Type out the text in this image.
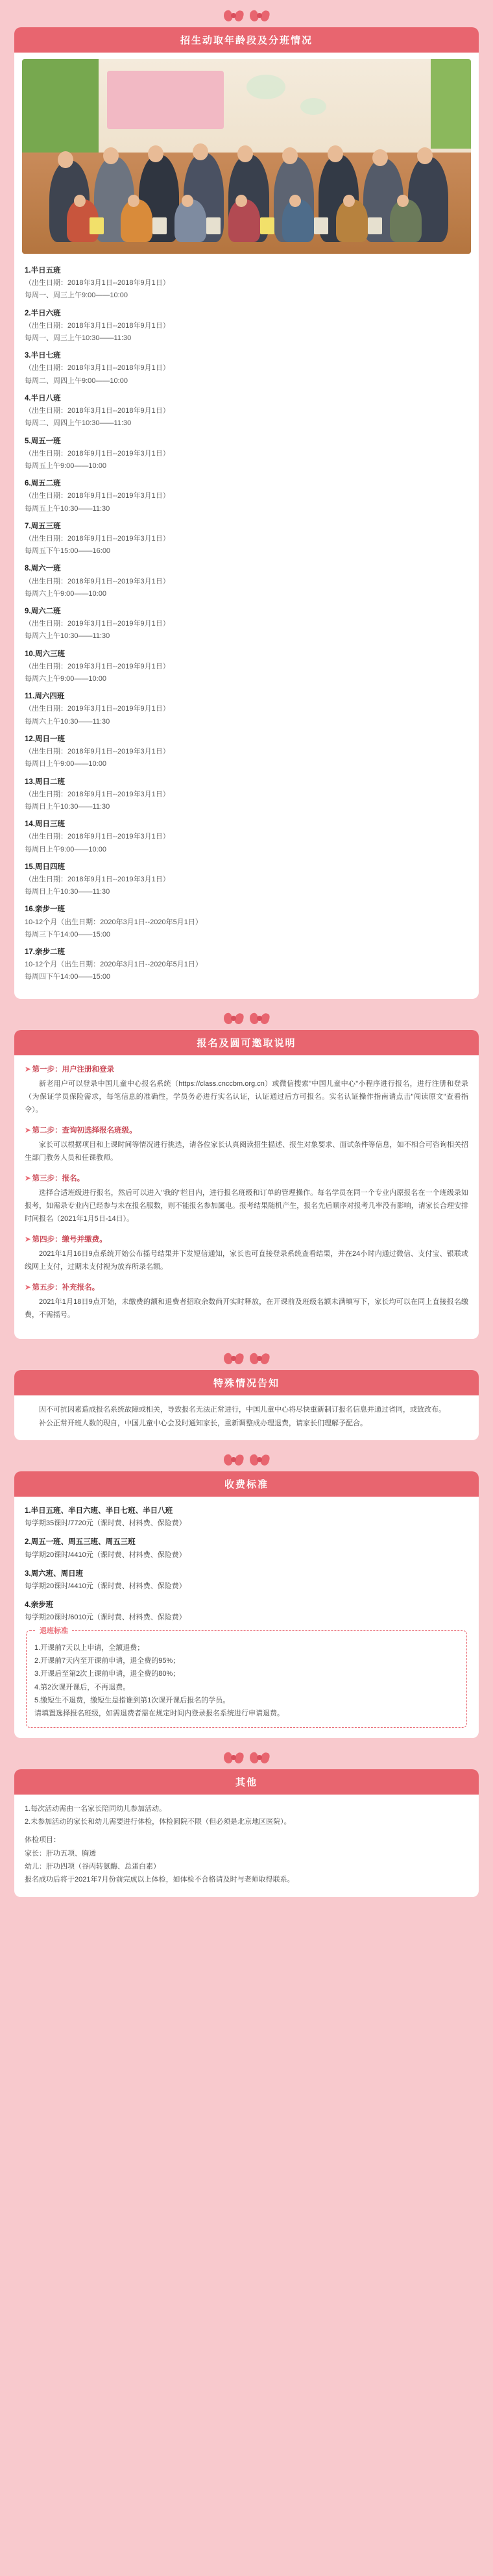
招生动取年龄段及分班情况
1.半日五班
（出生日期：2018年3月1日--2018年9月1日）
每周一、周三上午9:00——10:00
2.半日六班
（出生日期：2018年3月1日--2018年9月1日）
每周一、周三上午10:30——11:30
3.半日七班
（出生日期：2018年3月1日--2018年9月1日）
每周二、周四上午9:00——10:00
4.半日八班
（出生日期：2018年3月1日--2018年9月1日）
每周二、周四上午10:30——11:30
5.周五一班
（出生日期：2018年9月1日--2019年3月1日）
每周五上午9:00——10:00
6.周五二班
（出生日期：2018年9月1日--2019年3月1日）
每周五上午10:30——11:30
7.周五三班
（出生日期：2018年9月1日--2019年3月1日）
每周五下午15:00——16:00
8.周六一班
（出生日期：2018年9月1日--2019年3月1日）
每周六上午9:00——10:00
9.周六二班
（出生日期：2019年3月1日--2019年9月1日）
每周六上午10:30——11:30
10.周六三班
（出生日期：2019年3月1日--2019年9月1日）
每周六上午9:00——10:00
11.周六四班
（出生日期：2019年3月1日--2019年9月1日）
每周六上午10:30——11:30
12.周日一班
（出生日期：2018年9月1日--2019年3月1日）
每周日上午9:00——10:00
13.周日二班
（出生日期：2018年9月1日--2019年3月1日）
每周日上午10:30——11:30
14.周日三班
（出生日期：2018年9月1日--2019年3月1日）
每周日上午9:00——10:00
15.周日四班
（出生日期：2018年9月1日--2019年3月1日）
每周日上午10:30——11:30
16.亲步一班
10-12个月（出生日期：2020年3月1日--2020年5月1日）
每周三下午14:00——15:00
17.亲步二班
10-12个月（出生日期：2020年3月1日--2020年5月1日）
每周四下午14:00——15:00
报名及圆可邀取说明
➤ 第一步：用户注册和登录
新老用户可以登录中国儿童中心报名系统（https://class.cnccbm.org.cn）或微信搜索"中国儿童中心"小程序进行报名，进行注册和登录（为保证学员保险需求，每笔信息的准确性，学员务必进行实名认证，认证通过后方可报名。实名认证操作指南请点击"闯读原文"查看指令）。
➤ 第二步：查询初选择报名班级。
家长可以根据项目和上课时间等情况进行挑选，请各位家长认真阅读招生描述、报生对象要求、面试条件等信息，如不相合可咨询相关招生部门教务人员和任课教师。
➤ 第三步：报名。
选择合适班级进行报名，然后可以进入"我的"栏目内，进行报名班级和订单的管理操作。每名学员在同一个专业内原报名在一个班级录如报考，如需录专业内已经参与未在报名服数，则不能报名参加属电。报考结果随机产生，报名先后顺序对报考几率没有影响，请家长合理安排时间报名（2021年1月5日-14日）。
➤ 第四步：缴号并缴费。
2021年1月16日9点系统开始公布摇号结果并下发短信通知，家长也可直接登录系统查看结果，并在24小时内通过微信、支付宝、银联或线网上支付，过期未支付视为放弃所录名额。
➤ 第五步：补充报名。
2021年1月18日9点开始，未缴费的额和退费者招取余数尚开实时释放，在开课前及班级名额未满填写下，家长均可以在同上直接报名缴费，不需摇号。
特殊情况告知
因不可抗因素造成报名系统故障或相关，导致报名无法正常进行，中国儿童中心将尽快重新制订报名信息并通过省同，或致改布。
补公正常开班人数的现自，中国儿童中心会及时通知家长，重新调整成办理退费，请家长们理解予配合。
收费标准
1.半日五班、半日六班、半日七班、半日八班
每学期35课时/7720元（课时费、材料费、保险费）
2.周五一班、周五三班、周五三班
每学期20课时/4410元（课时费、材料费、保险费）
3.周六班、周日班
每学期20课时/4410元（课时费、材料费、保险费）
4.亲步班
每学期20课时/6010元（课时费、材料费、保险费）
退班标准
1.开课前7天以上申请，全额退费；
2.开课前7天内至开课前申请，退全费的95%；
3.开课后至第2次上课前申请，退全费的80%；
4.第2次课开课后，不再退费。
5.缴短生不退费，缴短生是指谁到第1次课开课后报名的学员。
请填置选择报名班级，如需退费者需在规定时间内登录报名系统进行申请退费。
其他
1.每次活动需由一名家长陪同幼儿参加活动。
2.未参加活动的家长和幼儿需要进行体检，体检圆院不限（但必须是北京地区医院）。
体检项目：
家长：肝功五项、胸透
幼儿：肝功四项（谷丙转氨酶、总蛋白素）
报名成功后将于2021年7月份前完成以上体检，如体检不合格请及时与老师取得联系。
